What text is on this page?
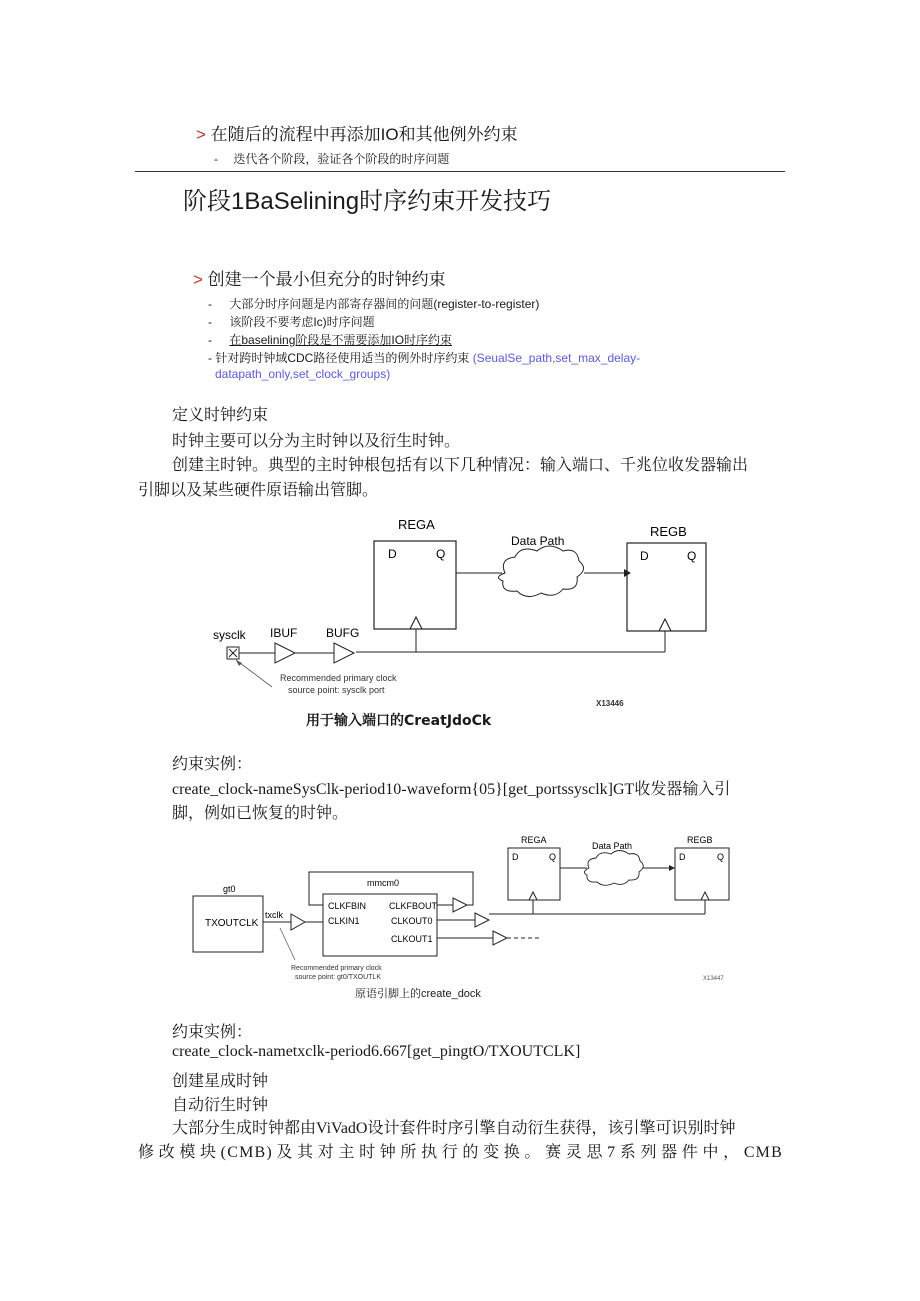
> 在随后的流程中再添加IO和其他例外约束
- 迭代各个阶段，验证各个阶段的时序问题
阶段1BaSelining时序约束开发技巧
> 创建一个最小但充分的时钟约束
- 大部分时序问题是内部寄存器间的问题(register-to-register)
- 该阶段不要考虑Ic)时序问题
- 在baselining阶段是不需要添加IO时序约束
- 针对跨时钟域CDC路径使用适当的例外时序约束 (SeualSe_path,set_max_delay-
datapath_only,set_clock_groups)
定义时钟约束
时钟主要可以分为主时钟以及衍生时钟。
创建主时钟。典型的主时钟根包括有以下几种情况：输入端口、千兆位收发器输出
引脚以及某些硬件原语输出管脚。
REGA
D	Q
REGB
D	Q
Data Path
sysclk IBUF BUFG
Recommended primary clock
source point: sysclk port
X13446
用于输入端口的CreatJdoCk
约束实例：
create_clock-nameSysClk-period10-waveform{05}[get_portssysclk]GT收发器输入引
脚，例如已恢复的时钟。
gt0
TXOUTCLK
txclk
mmcm0
CLKFBIN
CLKIN1
CLKFBOUT
CLKOUT0
CLKOUT1
REGA
D	Q
Data Path
REGB
D	Q
Recommended primary clock
source point: gt0/TXOUTLK	X13447
原语引脚上的create_dock
约束实例：
create_clock-nametxclk-period6.667[get_pingtO/TXOUTCLK]
创建星成时钟
自动衍生时钟
大部分生成时钟都由ViVadO设计套件时序引擎自动衍生获得，该引擎可识别时钟
修改模块(CMB)及其对主时钟所执行的变换。赛灵思7系列器件中，CMB
